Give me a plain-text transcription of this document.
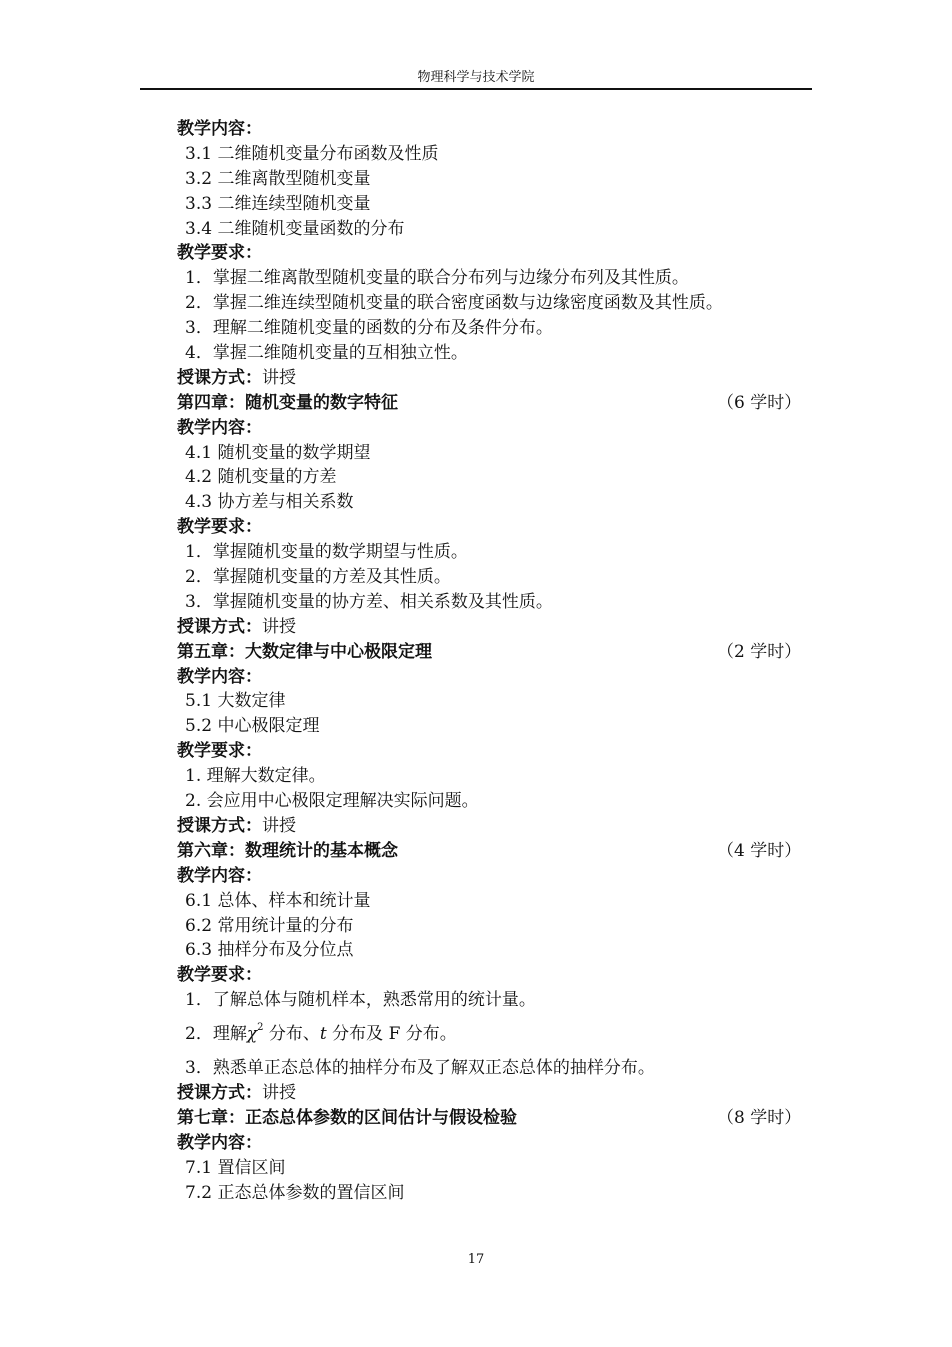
物理科学与技术学院
教学内容：
3.1 二维随机变量分布函数及性质
3.2 二维离散型随机变量
3.3 二维连续型随机变量
3.4 二维随机变量函数的分布
教学要求：
1．掌握二维离散型随机变量的联合分布列与边缘分布列及其性质。
2．掌握二维连续型随机变量的联合密度函数与边缘密度函数及其性质。
3．理解二维随机变量的函数的分布及条件分布。
4．掌握二维随机变量的互相独立性。
授课方式：讲授
第四章：随机变量的数字特征	（6 学时）
教学内容：
4.1 随机变量的数学期望
4.2 随机变量的方差
4.3 协方差与相关系数
教学要求：
1．掌握随机变量的数学期望与性质。
2．掌握随机变量的方差及其性质。
3．掌握随机变量的协方差、相关系数及其性质。
授课方式：讲授
第五章：大数定律与中心极限定理	（2 学时）
教学内容：
5.1 大数定律
5.2 中心极限定理
教学要求：
1. 理解大数定律。
2. 会应用中心极限定理解决实际问题。
授课方式：讲授
第六章：数理统计的基本概念	（4 学时）
教学内容：
6.1 总体、样本和统计量
6.2 常用统计量的分布
6.3 抽样分布及分位点
教学要求：
1．了解总体与随机样本，熟悉常用的统计量。
2．理解$\chi^2$ 分布、t 分布及 F 分布。
3．熟悉单正态总体的抽样分布及了解双正态总体的抽样分布。
授课方式：讲授
第七章：正态总体参数的区间估计与假设检验	（8 学时）
教学内容：
7.1 置信区间
7.2 正态总体参数的置信区间
17
